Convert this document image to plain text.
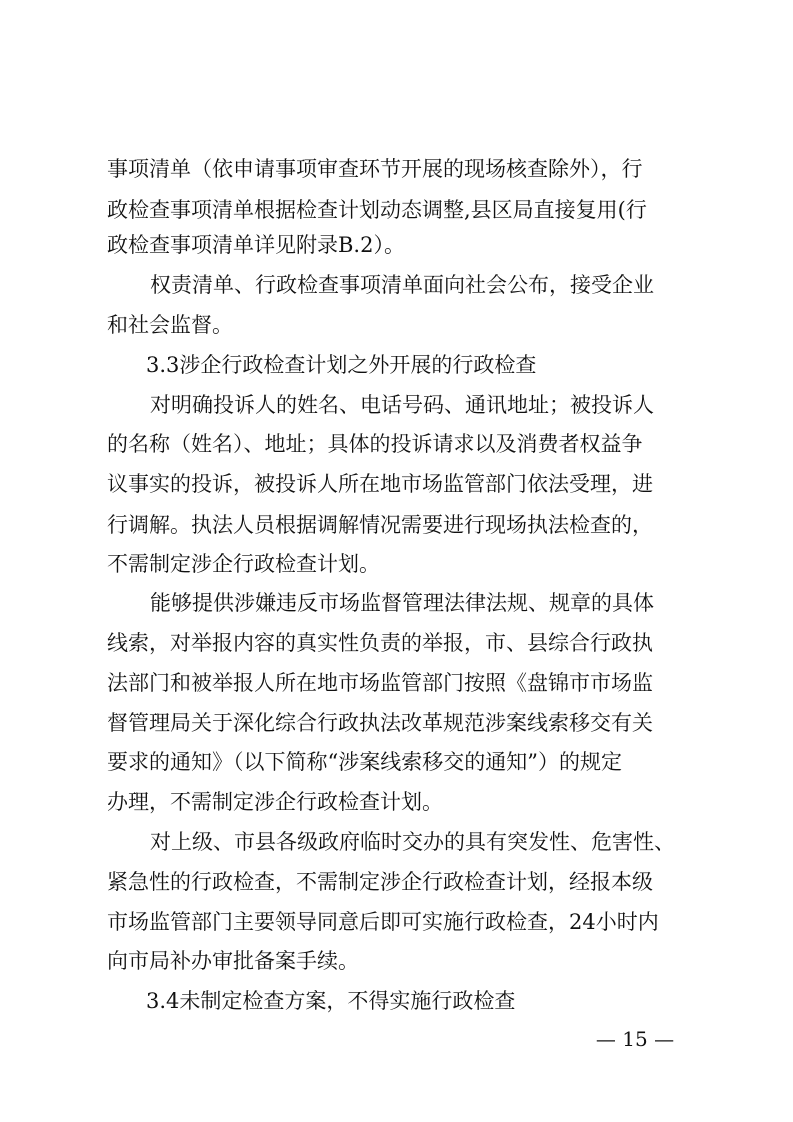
事项清单（依申请事项审查环节开展的现场核查除外），行
政检查事项清单根据检查计划动态调整,县区局直接复用(行
政检查事项清单详见附录B.2）。
权责清单、行政检查事项清单面向社会公布，接受企业
和社会监督。
3.3涉企行政检查计划之外开展的行政检查
对明确投诉人的姓名、电话号码、通讯地址；被投诉人
的名称（姓名）、地址；具体的投诉请求以及消费者权益争
议事实的投诉，被投诉人所在地市场监管部门依法受理，进
行调解。执法人员根据调解情况需要进行现场执法检查的，
不需制定涉企行政检查计划。
能够提供涉嫌违反市场监督管理法律法规、规章的具体
线索，对举报内容的真实性负责的举报，市、县综合行政执
法部门和被举报人所在地市场监管部门按照《盘锦市市场监
督管理局关于深化综合行政执法改革规范涉案线索移交有关
要求的通知》（以下简称“涉案线索移交的通知”）的规定
办理，不需制定涉企行政检查计划。
对上级、市县各级政府临时交办的具有突发性、危害性、
紧急性的行政检查，不需制定涉企行政检查计划，经报本级
市场监管部门主要领导同意后即可实施行政检查，24小时内
向市局补办审批备案手续。
3.4未制定检查方案，不得实施行政检查
— 15 —
